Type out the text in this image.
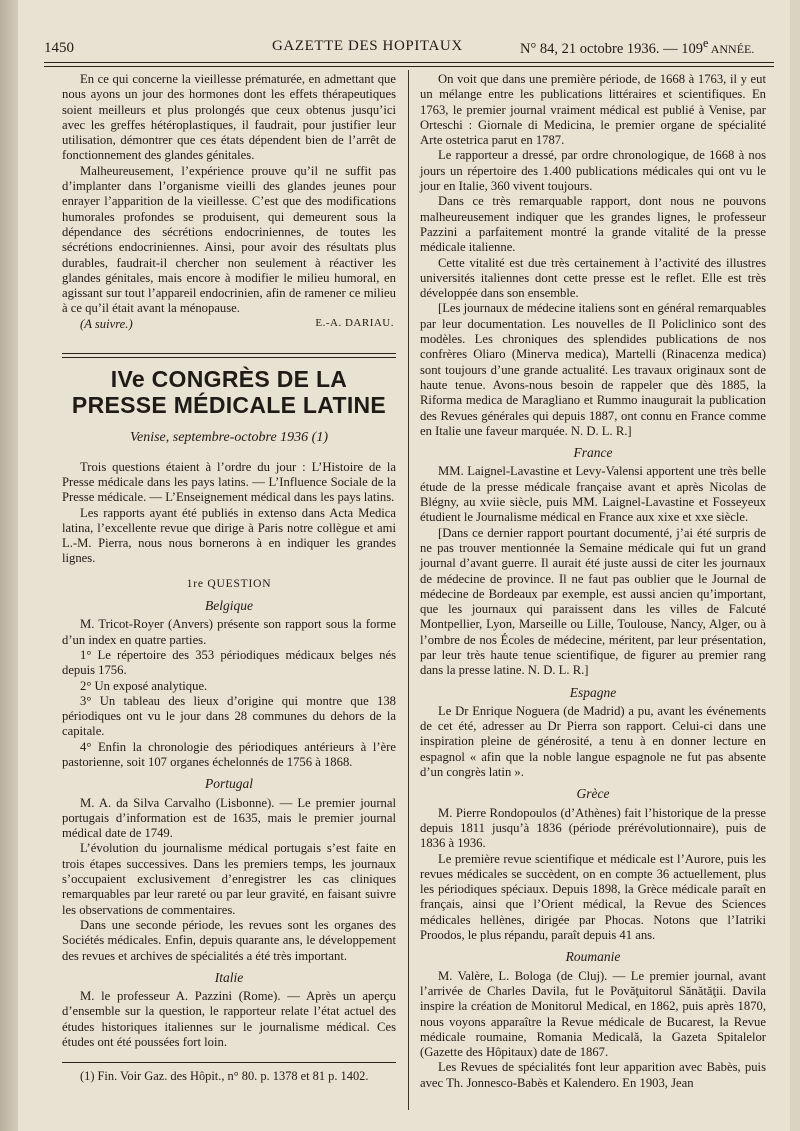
1450	GAZETTE DES HOPITAUX	N° 84, 21 octobre 1936. — 109e ANNÉE.

En ce qui concerne la vieillesse prématurée, en admettant que nous ayons un jour des hormones dont les effets thérapeutiques soient meilleurs et plus prolongés que ceux obtenus jusqu’ici avec les greffes hétéroplastiques, il faudrait, pour justifier leur utilisation, démontrer que ces états dépendent bien de l’arrêt de fonctionnement des glandes génitales.

Malheureusement, l’expérience prouve qu’il ne suffit pas d’implanter dans l’organisme vieilli des glandes jeunes pour enrayer l’apparition de la vieillesse. C’est que des modifications humorales profondes se produisent, qui demeurent sous la dépendance des sécrétions endocriniennes, de toutes les sécrétions endocriniennes. Ainsi, pour avoir des résultats plus durables, faudrait-il chercher non seulement à réactiver les glandes génitales, mais encore à modifier le milieu humoral, en agissant sur tout l’appareil endocrinien, afin de ramener ce milieu à ce qu’il était avant la ménopause.

(A suivre.)	E.-A. DARIAU.
IVe CONGRÈS DE LA PRESSE MÉDICALE LATINE
Venise, septembre-octobre 1936 (1)

Trois questions étaient à l’ordre du jour : L’Histoire de la Presse médicale dans les pays latins. — L’Influence Sociale de la Presse médicale. — L’Enseignement médical dans les pays latins.

Les rapports ayant été publiés in extenso dans Acta Medica latina, l’excellente revue que dirige à Paris notre collègue et ami L.-M. Pierra, nous nous bornerons à en indiquer les grandes lignes.

1re QUESTION
Belgique

M. Tricot-Royer (Anvers) présente son rapport sous la forme d’un index en quatre parties.

1° Le répertoire des 353 périodiques médicaux belges nés depuis 1756.

2° Un exposé analytique.

3° Un tableau des lieux d’origine qui montre que 138 périodiques ont vu le jour dans 28 communes du dehors de la capitale.

4° Enfin la chronologie des périodiques antérieurs à l’ère pastorienne, soit 107 organes échelonnés de 1756 à 1868.

Portugal

M. A. da Silva Carvalho (Lisbonne). — Le premier journal portugais d’information est de 1635, mais le premier journal médical date de 1749.

L’évolution du journalisme médical portugais s’est faite en trois étapes successives. Dans les premiers temps, les journaux s’occupaient exclusivement d’enregistrer les cas cliniques remarquables par leur rareté ou par leur gravité, en faisant suivre les observations de commentaires.

Dans une seconde période, les revues sont les organes des Sociétés médicales. Enfin, depuis quarante ans, le développement des revues et archives de spécialités a été très important.

Italie

M. le professeur A. Pazzini (Rome). — Après un aperçu d’ensemble sur la question, le rapporteur relate l’état actuel des études historiques italiennes sur le journalisme médical. Ces études ont été poussées fort loin.

(1) Fin. Voir Gaz. des Hôpit., n° 80. p. 1378 et 81 p. 1402.

On voit que dans une première période, de 1668 à 1763, il y eut un mélange entre les publications littéraires et scientifiques. En 1763, le premier journal vraiment médical est publié à Venise, par Orteschi : Giornale di Medicina, le premier organe de spécialité Arte ostetrica parut en 1787.

Le rapporteur a dressé, par ordre chronologique, de 1668 à nos jours un répertoire des 1.400 publications médicales qui ont vu le jour en Italie, 360 vivent toujours.

Dans ce très remarquable rapport, dont nous ne pouvons malheureusement indiquer que les grandes lignes, le professeur Pazzini a parfaitement montré la grande vitalité de la presse médicale italienne.

Cette vitalité est due très certainement à l’activité des illustres universités italiennes dont cette presse est le reflet. Elle est très développée dans son ensemble.

[Les journaux de médecine italiens sont en général remarquables par leur documentation. Les nouvelles de Il Policlinico sont des modèles. Les chroniques des splendides publications de nos confrères Oliaro (Minerva medica), Martelli (Rinacenza medica) sont toujours d’une grande actualité. Les travaux originaux sont de haute tenue. Avons-nous besoin de rappeler que dès 1885, la Riforma medica de Maragliano et Rummo inaugurait la publication des Revues générales qui depuis 1887, ont connu en France comme en Italie une faveur marquée. N. D. L. R.]

France

MM. Laignel-Lavastine et Levy-Valensi apportent une très belle étude de la presse médicale française avant et après Nicolas de Blégny, au xviie siècle, puis MM. Laignel-Lavastine et Fosseyeux étudient le Journalisme médical en France aux xixe et xxe siècle.

[Dans ce dernier rapport pourtant documenté, j’ai été surpris de ne pas trouver mentionnée la Semaine médicale qui fut un grand journal d’avant guerre. Il aurait été juste aussi de citer les journaux de médecine de province. Il ne faut pas oublier que le Journal de médecine de Bordeaux par exemple, est aussi ancien qu’important, que les journaux qui paraissent dans les villes de Falcuté Montpellier, Lyon, Marseille ou Lille, Toulouse, Nancy, Alger, ou à l’ombre de nos Écoles de médecine, méritent, par leur présentation, par leur très haute tenue scientifique, de figurer au premier rang dans la presse latine. N. D. L. R.]

Espagne

Le Dr Enrique Noguera (de Madrid) a pu, avant les événements de cet été, adresser au Dr Pierra son rapport. Celui-ci dans une inspiration pleine de générosité, a tenu à en donner lecture en espagnol « afin que la noble langue espagnole ne fut pas absente d’un congrès latin ».

Grèce

M. Pierre Rondopoulos (d’Athènes) fait l’historique de la presse depuis 1811 jusqu’à 1836 (période prérévolutionnaire), puis de 1836 à 1936.

Le première revue scientifique et médicale est l’Aurore, puis les revues médicales se succèdent, on en compte 36 actuellement, plus les périodiques spéciaux. Depuis 1898, la Grèce médicale paraît en français, ainsi que l’Orient médical, la Revue des Sciences médicales hellènes, dirigée par Phocas. Notons que l’Iatriki Proodos, le plus répandu, paraît depuis 41 ans.

Roumanie

M. Valère, L. Bologa (de Cluj). — Le premier journal, avant l’arrivée de Charles Davila, fut le Povăţuitorul Sănătăţii. Davila inspire la création de Monitorul Medical, en 1862, puis après 1870, nous voyons apparaître la Revue médicale de Bucarest, la Revue médicale roumaine, Romania Medicală, la Gazeta Spitalelor (Gazette des Hôpitaux) date de 1867.

Les Revues de spécialités font leur apparition avec Babès, puis avec Th. Jonnesco-Babès et Kalendero. En 1903, Jean
